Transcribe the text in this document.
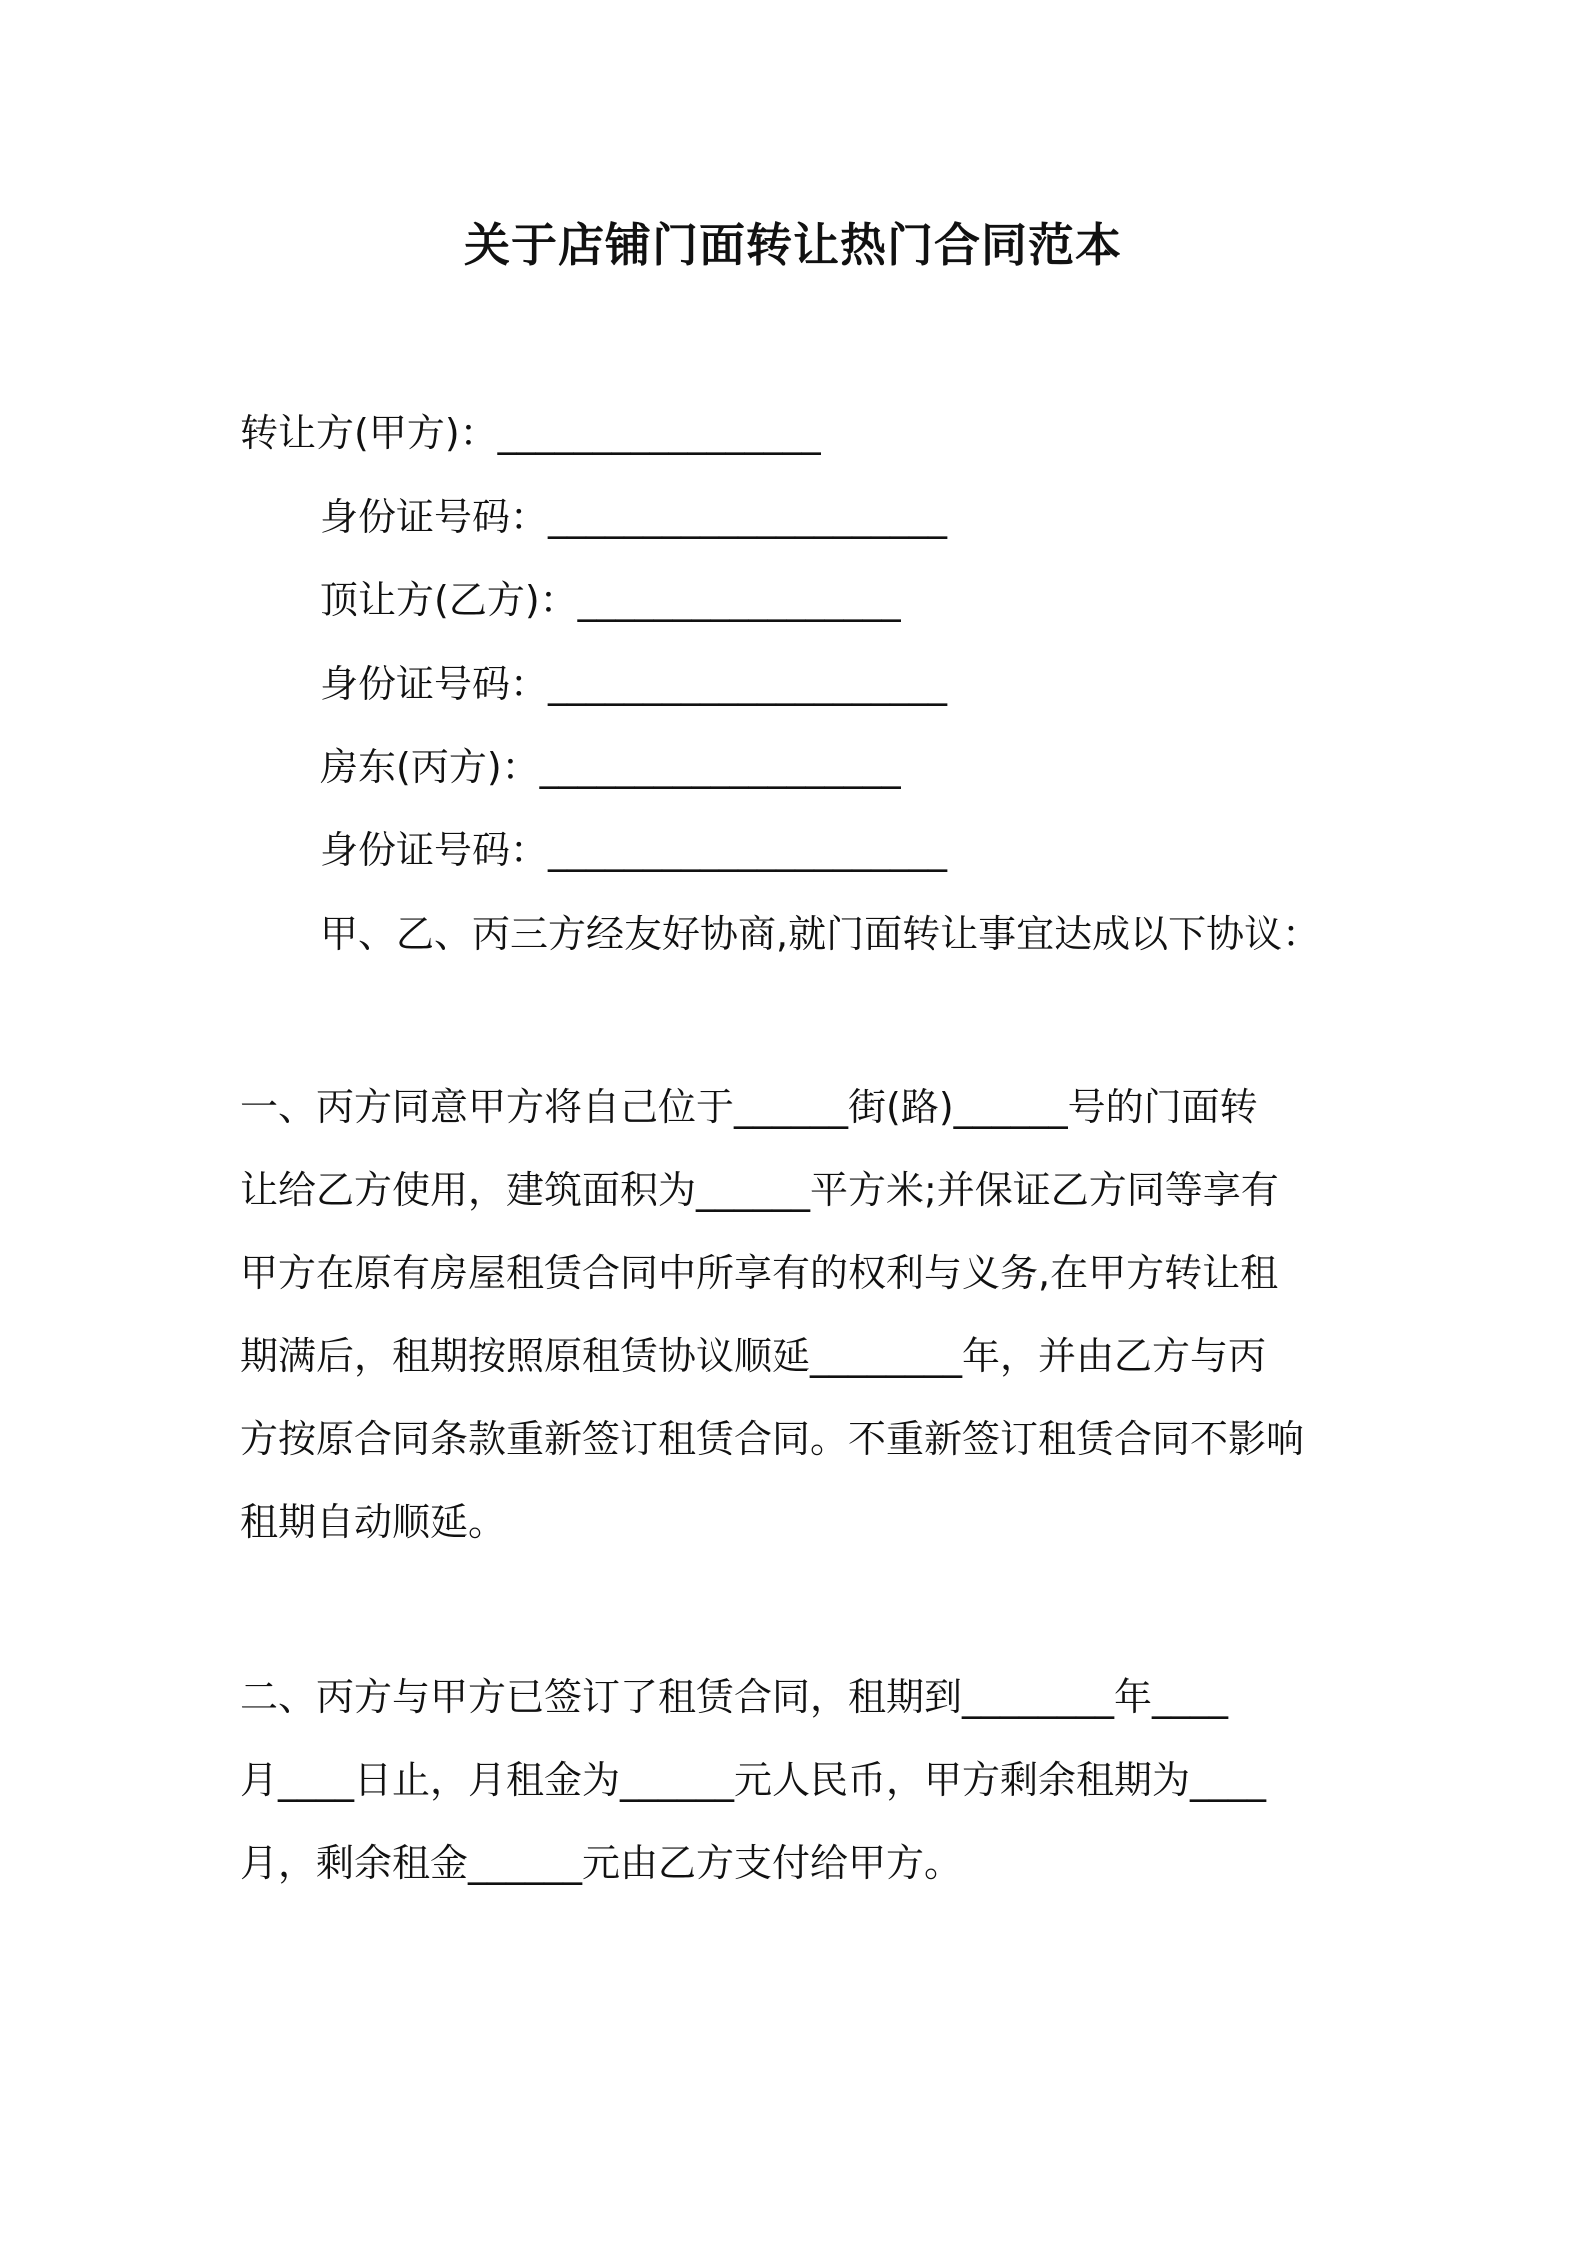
关于店铺门面转让热门合同范本
转让方(甲方)：_________________
身份证号码：_____________________
顶让方(乙方)：_________________
身份证号码：_____________________
房东(丙方)：___________________
身份证号码：_____________________
甲、乙、丙三方经友好协商,就门面转让事宜达成以下协议：

一、丙方同意甲方将自己位于______街(路)______号的门面转

让给乙方使用，建筑面积为______平方米;并保证乙方同等享有

甲方在原有房屋租赁合同中所享有的权利与义务,在甲方转让租

期满后，租期按照原租赁协议顺延________年，并由乙方与丙

方按原合同条款重新签订租赁合同。不重新签订租赁合同不影响

租期自动顺延。

二、丙方与甲方已签订了租赁合同，租期到________年____

月____日止，月租金为______元人民币，甲方剩余租期为____

月，剩余租金______元由乙方支付给甲方。
